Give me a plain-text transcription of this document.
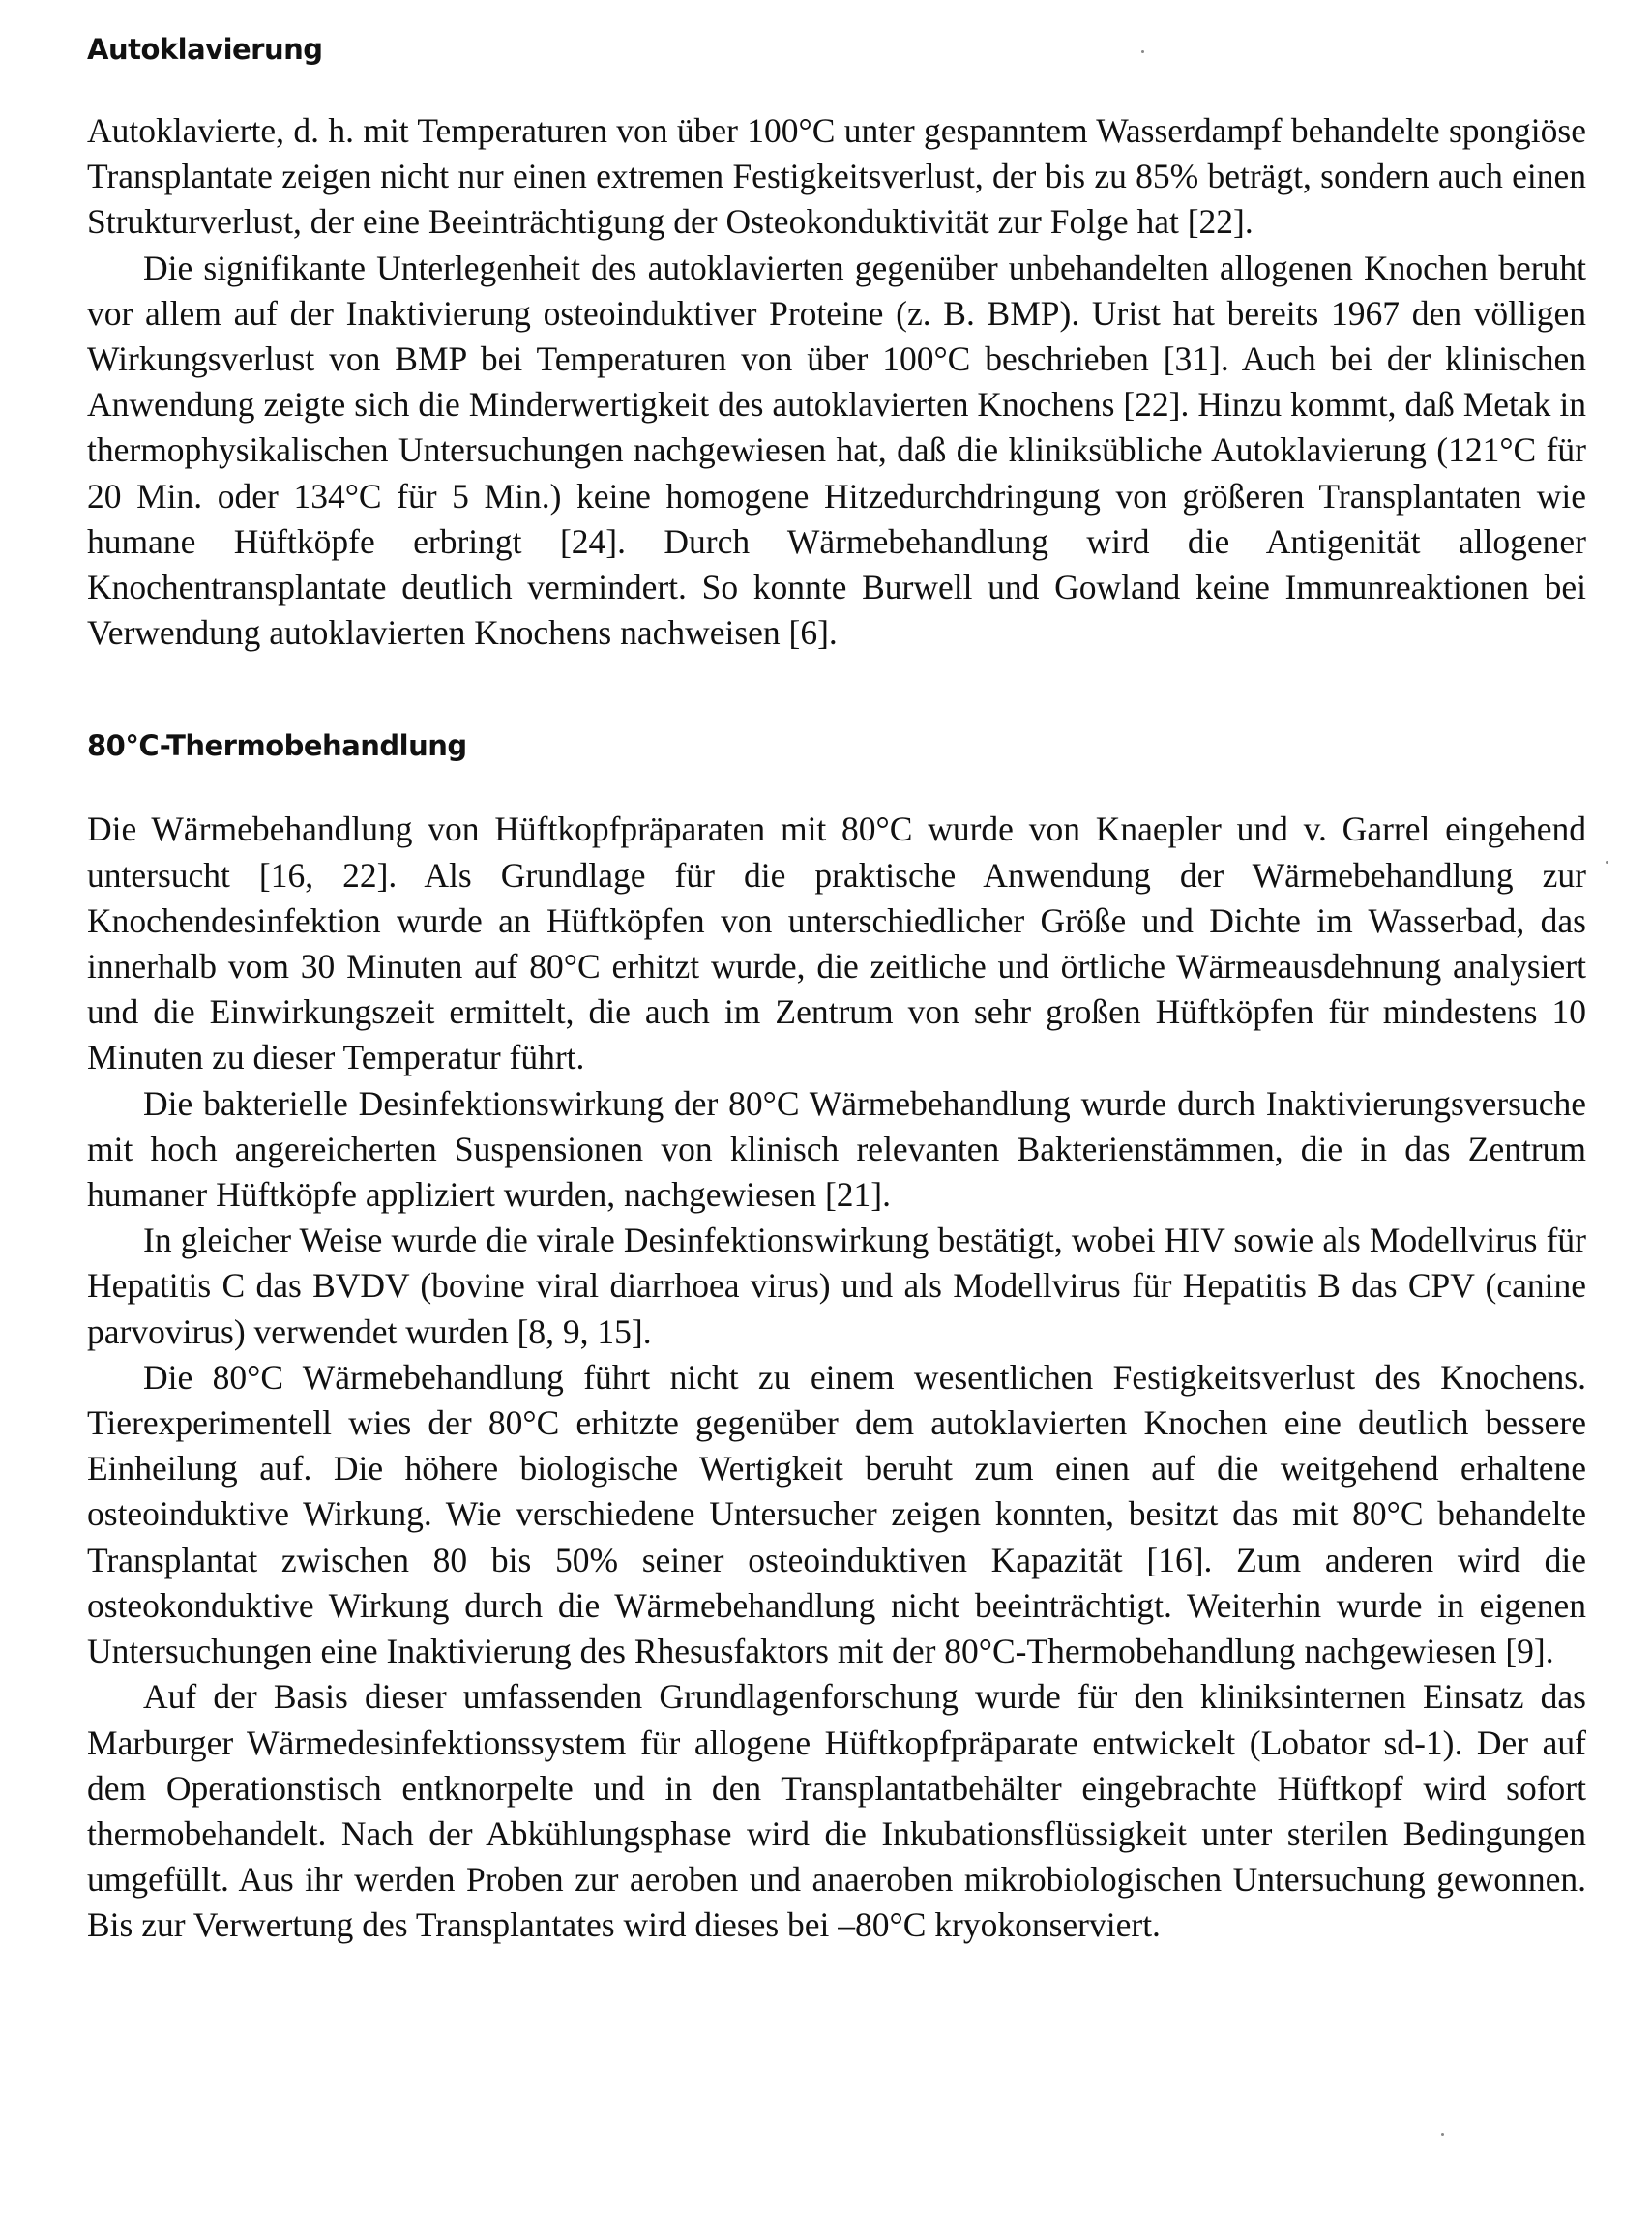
Autoklavierung

Autoklavierte, d. h. mit Temperaturen von über 100°C unter gespanntem Wasserdampf behandelte spongiöse Transplantate zeigen nicht nur einen extremen Festigkeitsverlust, der bis zu 85% beträgt, sondern auch einen Strukturverlust, der eine Beeinträchtigung der Osteokonduktivität zur Folge hat [22].

Die signifikante Unterlegenheit des autoklavierten gegenüber unbehandelten allogenen Knochen beruht vor allem auf der Inaktivierung osteoinduktiver Proteine (z. B. BMP). Urist hat bereits 1967 den völligen Wirkungsverlust von BMP bei Temperaturen von über 100°C beschrieben [31]. Auch bei der klinischen Anwendung zeigte sich die Minderwertigkeit des autoklavierten Knochens [22]. Hinzu kommt, daß Metak in thermophysikalischen Untersuchungen nachgewiesen hat, daß die kliniksübliche Autoklavierung (121°C für 20 Min. oder 134°C für 5 Min.) keine homogene Hitzedurchdringung von größeren Transplantaten wie humane Hüftköpfe erbringt [24]. Durch Wärmebehandlung wird die Antigenität allogener Knochentransplantate deutlich vermindert. So konnte Burwell und Gowland keine Immunreaktionen bei Verwendung autoklavierten Knochens nachweisen [6].

80°C-Thermobehandlung

Die Wärmebehandlung von Hüftkopfpräparaten mit 80°C wurde von Knaepler und v. Garrel eingehend untersucht [16, 22]. Als Grundlage für die praktische Anwendung der Wärmebehandlung zur Knochendesinfektion wurde an Hüftköpfen von unterschiedlicher Größe und Dichte im Wasserbad, das innerhalb vom 30 Minuten auf 80°C erhitzt wurde, die zeitliche und örtliche Wärmeausdehnung analysiert und die Einwirkungszeit ermittelt, die auch im Zentrum von sehr großen Hüftköpfen für mindestens 10 Minuten zu dieser Temperatur führt.

Die bakterielle Desinfektionswirkung der 80°C Wärmebehandlung wurde durch Inaktivierungsversuche mit hoch angereicherten Suspensionen von klinisch relevanten Bakterienstämmen, die in das Zentrum humaner Hüftköpfe appliziert wurden, nachgewiesen [21].

In gleicher Weise wurde die virale Desinfektionswirkung bestätigt, wobei HIV sowie als Modellvirus für Hepatitis C das BVDV (bovine viral diarrhoea virus) und als Modellvirus für Hepatitis B das CPV (canine parvovirus) verwendet wurden [8, 9, 15].

Die 80°C Wärmebehandlung führt nicht zu einem wesentlichen Festigkeitsverlust des Knochens. Tierexperimentell wies der 80°C erhitzte gegenüber dem autoklavierten Knochen eine deutlich bessere Einheilung auf. Die höhere biologische Wertigkeit beruht zum einen auf die weitgehend erhaltene osteoinduktive Wirkung. Wie verschiedene Untersucher zeigen konnten, besitzt das mit 80°C behandelte Transplantat zwischen 80 bis 50% seiner osteoinduktiven Kapazität [16]. Zum anderen wird die osteokonduktive Wirkung durch die Wärmebehandlung nicht beeinträchtigt. Weiterhin wurde in eigenen Untersuchungen eine Inaktivierung des Rhesusfaktors mit der 80°C-Thermobehandlung nachgewiesen [9].

Auf der Basis dieser umfassenden Grundlagenforschung wurde für den kliniksinternen Einsatz das Marburger Wärmedesinfektionssystem für allogene Hüftkopfpräparate entwickelt (Lobator sd-1). Der auf dem Operationstisch entknorpelte und in den Transplantatbehälter eingebrachte Hüftkopf wird sofort thermobehandelt. Nach der Abkühlungsphase wird die Inkubationsflüssigkeit unter sterilen Bedingungen umgefüllt. Aus ihr werden Proben zur aeroben und anaeroben mikrobiologischen Untersuchung gewonnen. Bis zur Verwertung des Transplantates wird dieses bei –80°C kryokonserviert.
